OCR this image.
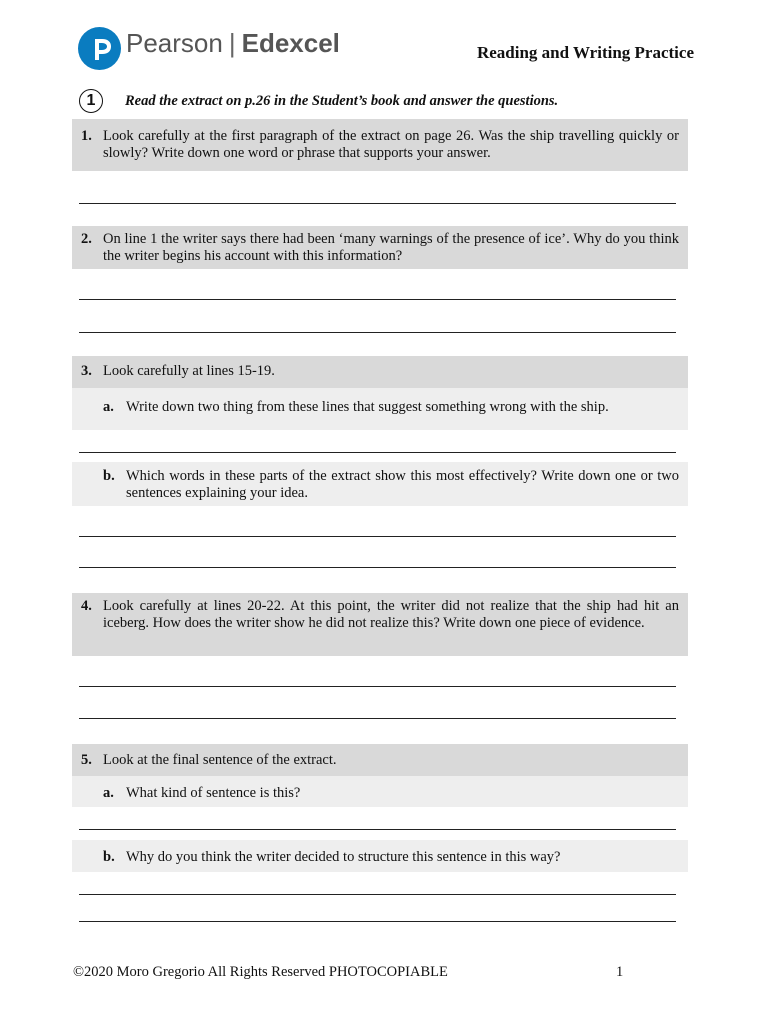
Pearson | Edexcel	Reading and Writing Practice
1	Read the extract on p.26 in the Student’s book and answer the questions.
1. Look carefully at the first paragraph of the extract on page 26. Was the ship travelling quickly or slowly? Write down one word or phrase that supports your answer.
2. On line 1 the writer says there had been ‘many warnings of the presence of ice’. Why do you think the writer begins his account with this information?
3. Look carefully at lines 15-19.
a. Write down two thing from these lines that suggest something wrong with the ship.
b. Which words in these parts of the extract show this most effectively? Write down one or two sentences explaining your idea.
4. Look carefully at lines 20-22. At this point, the writer did not realize that the ship had hit an iceberg. How does the writer show he did not realize this? Write down one piece of evidence.
5. Look at the final sentence of the extract.
a. What kind of sentence is this?
b. Why do you think the writer decided to structure this sentence in this way?
©2020 Moro Gregorio All Rights Reserved PHOTOCOPIABLE	1
